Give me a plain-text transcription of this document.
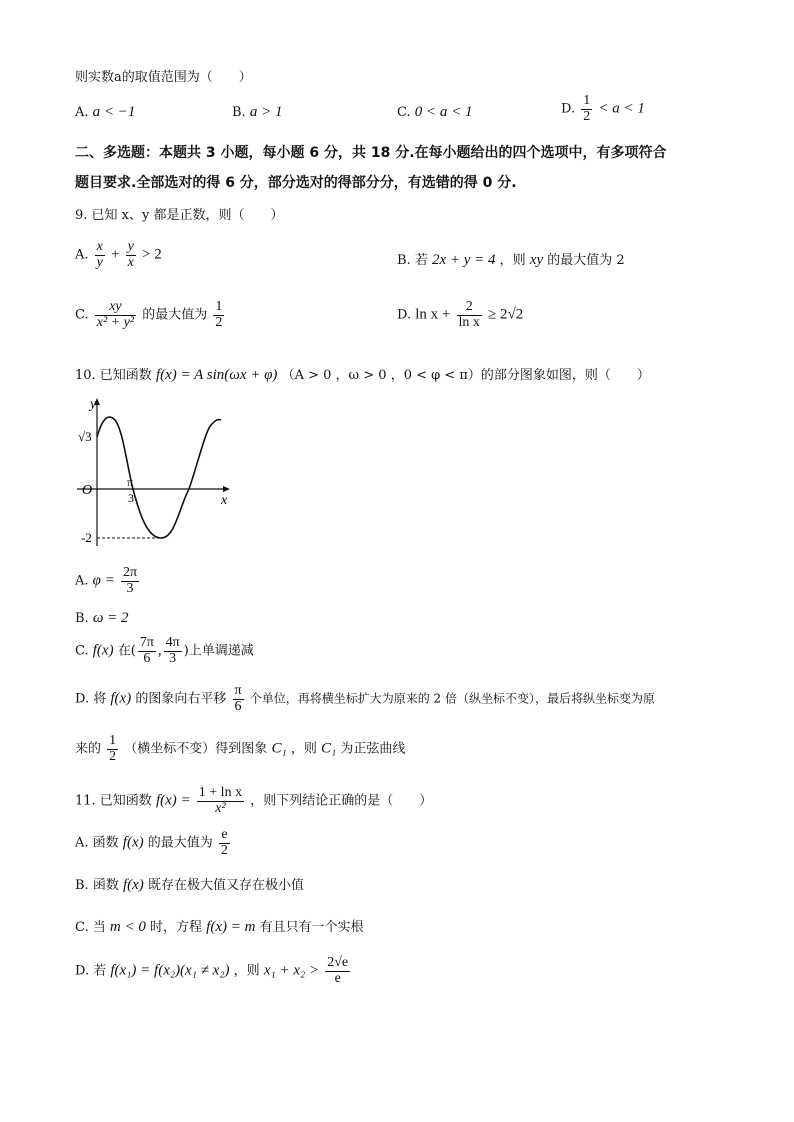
则实数a的取值范围为（　　）
A. a < −1	B. a > 1	C. 0 < a < 1	D. $\frac{1}{2} < a < 1$
二、多选题：本题共 3 小题，每小题 6 分，共 18 分.在每小题给出的四个选项中，有多项符合
题目要求.全部选对的得 6 分，部分选对的得部分分，有选错的得 0 分.
9. 已知 x、y 都是正数，则（　　）
A. $\frac{x}{y} + \frac{y}{x} > 2$	B. 若 2x + y = 4 ，则 xy 的最大值为 2
C. $\frac{xy}{\text{x² + y²}}$ 的最大值为 $\frac{1}{2}$	D. $\ln x + \frac{2}{\text{ln x}} \ge 2√2$
10. 已知函数 f(x) = A sin(ωx + φ) （A > 0 ，ω > 0 ，0 < φ < π）的部分图象如图，则（　　）
y
x
O
√3
π
3
-2
A. $\varphi = \frac{2\pi}{3}$
B. ω = 2
C. f(x) 在( $\frac{7\pi}{6}$ , $\frac{4\pi}{3}$ )上单调递减
D. 将 f(x) 的图象向右平移 $\frac{\pi}{6}$ 个单位，再将横坐标扩大为原来的 2 倍（纵坐标不变），最后将纵坐标变为原
来的 $\frac{1}{2}$ （横坐标不变）得到图象 C₁ ，则 C₁ 为正弦曲线
11. 已知函数 $f(x) = \frac{\text{1 + ln x}}{\text{x²}}$ ，则下列结论正确的是（　　）
A. 函数 f(x) 的最大值为 $\frac{e}{2}$
B. 函数 f(x) 既存在极大值又存在极小值
C. 当 m < 0 时，方程 f(x) = m 有且只有一个实根
D. 若 f(x₁) = f(x₂)(x₁ ≠ x₂) ，则 $x_1 + x_2 > \frac{2√e}{e}$
